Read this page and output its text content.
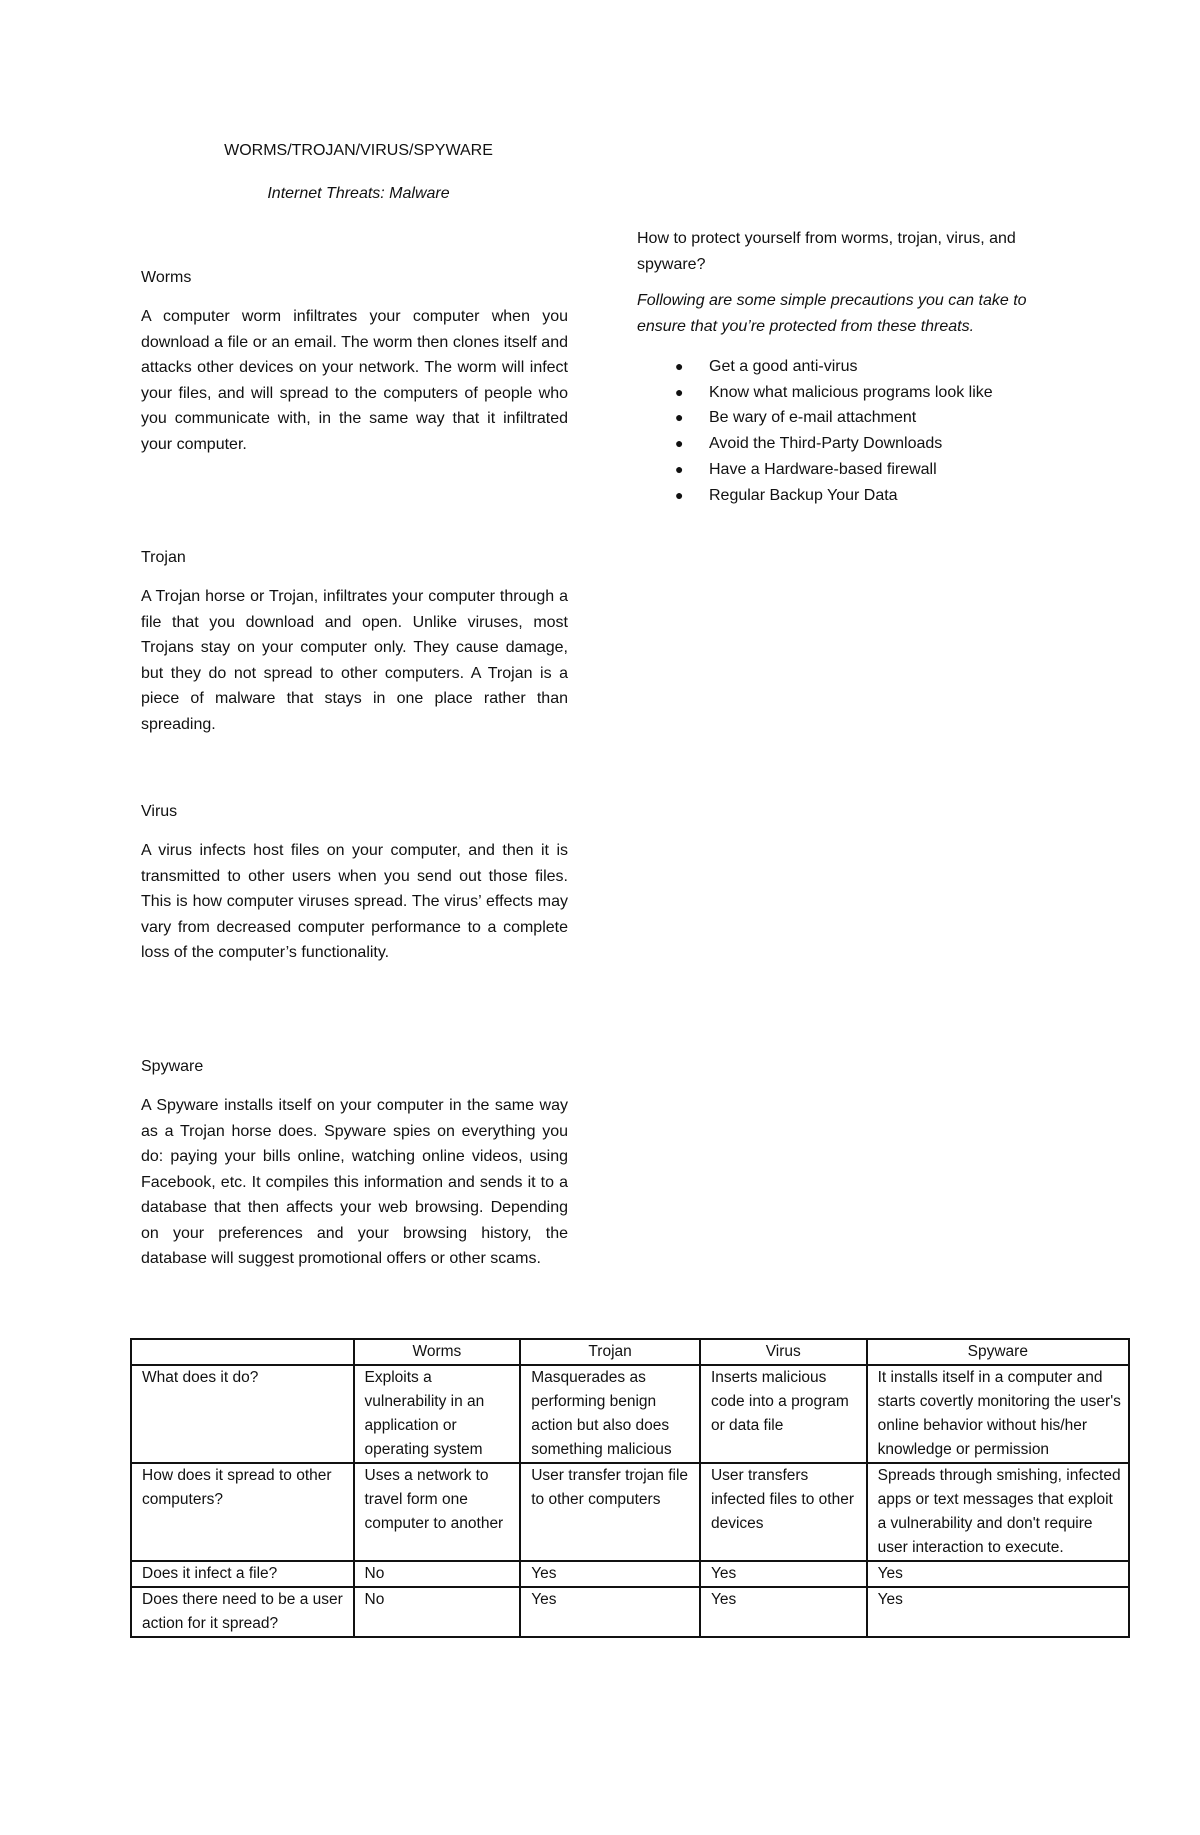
WORMS/TROJAN/VIRUS/SPYWARE
Internet Threats: Malware
Worms

A computer worm infiltrates your computer when you download a file or an email. The worm then clones itself and attacks other devices on your network. The worm will infect your files, and will spread to the computers of people who you communicate with, in the same way that it infiltrated your computer.

Trojan

A Trojan horse or Trojan, infiltrates your computer through a file that you download and open. Unlike viruses, most Trojans stay on your computer only. They cause damage, but they do not spread to other computers. A Trojan is a piece of malware that stays in one place rather than spreading.

Virus

A virus infects host files on your computer, and then it is transmitted to other users when you send out those files. This is how computer viruses spread. The virus’ effects may vary from decreased computer performance to a complete loss of the computer’s functionality.

Spyware

A Spyware installs itself on your computer in the same way as a Trojan horse does. Spyware spies on everything you do: paying your bills online, watching online videos, using Facebook, etc. It compiles this information and sends it to a database that then affects your web browsing. Depending on your preferences and your browsing history, the database will suggest promotional offers or other scams.

How to protect yourself from worms, trojan, virus, and spyware?

Following are some simple precautions you can take to ensure that you’re protected from these threats.

● Get a good anti-virus
● Know what malicious programs look like
● Be wary of e-mail attachment
● Avoid the Third-Party Downloads
● Have a Hardware-based firewall
● Regular Backup Your Data
	Worms	Trojan	Virus	Spyware
What does it do?	Exploits a vulnerability in an application or operating system	Masquerades as performing benign action but also does something malicious	Inserts malicious code into a program or data file	It installs itself in a computer and starts covertly monitoring the user's online behavior without his/her knowledge or permission
How does it spread to other computers?	Uses a network to travel form one computer to another	User transfer trojan file to other computers	User transfers infected files to other devices	Spreads through smishing, infected apps or text messages that exploit a vulnerability and don't require user interaction to execute.
Does it infect a file?	No	Yes	Yes	Yes
Does there need to be a user action for it spread?	No	Yes	Yes	Yes
